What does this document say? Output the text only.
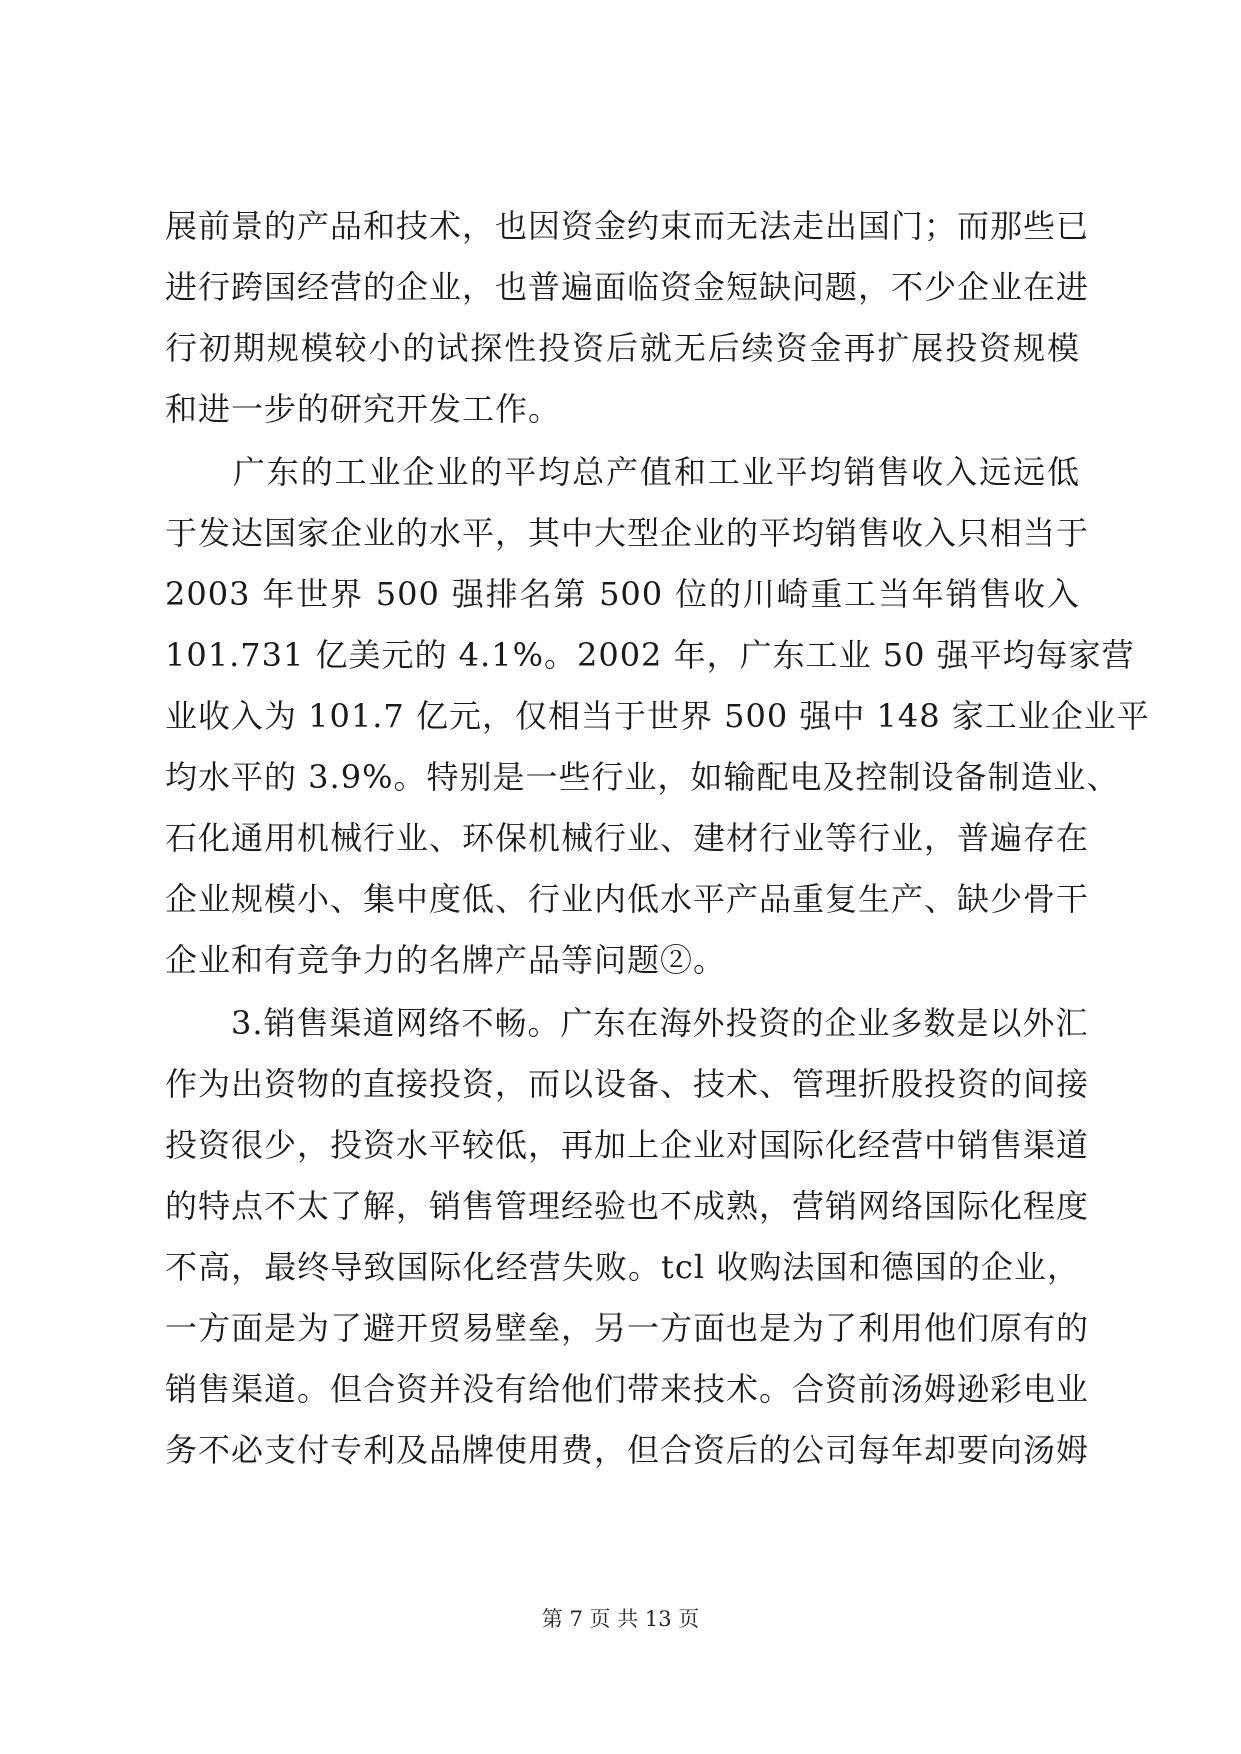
展前景的产品和技术，也因资金约束而无法走出国门；而那些已
进行跨国经营的企业，也普遍面临资金短缺问题，不少企业在进
行初期规模较小的试探性投资后就无后续资金再扩展投资规模
和进一步的研究开发工作。
　　广东的工业企业的平均总产值和工业平均销售收入远远低
于发达国家企业的水平，其中大型企业的平均销售收入只相当于
2003 年世界 500 强排名第 500 位的川崎重工当年销售收入
101.731 亿美元的 4.1%。2002 年，广东工业 50 强平均每家营
业收入为 101.7 亿元，仅相当于世界 500 强中 148 家工业企业平
均水平的 3.9%。特别是一些行业，如输配电及控制设备制造业、
石化通用机械行业、环保机械行业、建材行业等行业，普遍存在
企业规模小、集中度低、行业内低水平产品重复生产、缺少骨干
企业和有竞争力的名牌产品等问题②。
　　3.销售渠道网络不畅。广东在海外投资的企业多数是以外汇
作为出资物的直接投资，而以设备、技术、管理折股投资的间接
投资很少，投资水平较低，再加上企业对国际化经营中销售渠道
的特点不太了解，销售管理经验也不成熟，营销网络国际化程度
不高，最终导致国际化经营失败。tcl 收购法国和德国的企业，
一方面是为了避开贸易壁垒，另一方面也是为了利用他们原有的
销售渠道。但合资并没有给他们带来技术。合资前汤姆逊彩电业
务不必支付专利及品牌使用费，但合资后的公司每年却要向汤姆
第 7 页 共 13 页
